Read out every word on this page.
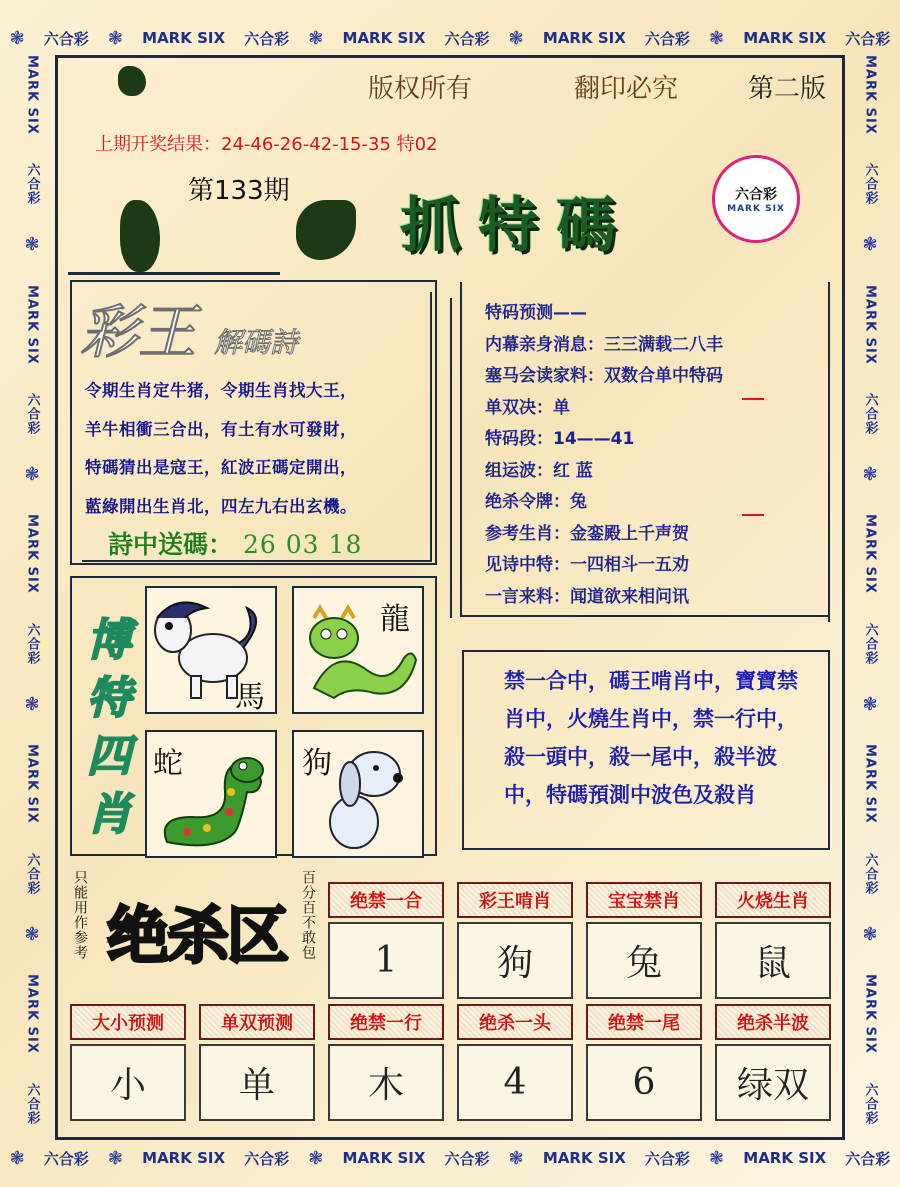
❃ 六合彩 ❃ MARK SIX 六合彩 ❃ MARK SIX 六合彩 ❃ MARK SIX 六合彩 ❃ MARK SIX 六合彩
❃ 六合彩 ❃ MARK SIX 六合彩 ❃ MARK SIX 六合彩 ❃ MARK SIX 六合彩 ❃ MARK SIX 六合彩
MARK SIX
六合彩
❃
MARK SIX
六合彩
❃
MARK SIX
六合彩
❃
MARK SIX
六合彩
❃
MARK SIX
六合彩
MARK SIX
六合彩
❃
MARK SIX
六合彩
❃
MARK SIX
六合彩
❃
MARK SIX
六合彩
❃
MARK SIX
六合彩
版权所有	翻印必究	第二版
上期开奖结果：24-46-26-42-15-35 特02
第133期 抓特碼	六合彩
MARK SIX
彩王 解碼詩
令期生肖定牛猪，令期生肖找大王，
羊牛相衝三合出，有土有水可發財，
特碼猜出是寇王，紅波正碼定開出，
藍綠開出生肖北，四左九右出玄機。
詩中送碼： 26 03 18
特码预测——
内幕亲身消息：三三满载二八丰
塞马会读家料：双数合单中特码
单双决：单
特码段：14——41
组运波：红 蓝
绝杀令牌：兔
参考生肖：金銮殿上千声贺
见诗中特：一四相斗一五劝
一言来料：闻道欲来相问讯
博
特
四
肖
馬
龍
蛇	狗
禁一合中，碼王啃肖中，寶寶禁肖中，火燒生肖中，禁一行中，殺一頭中，殺一尾中，殺半波中，特碼預測中波色及殺肖
只能用作参考	百分百不敢包
绝杀区	绝禁一合
1
彩王啃肖
狗
宝宝禁肖
兔
火烧生肖
鼠
大小预测
小
单双预测
单
绝禁一行
木
绝杀一头
4
绝禁一尾
6
绝杀半波
绿双
